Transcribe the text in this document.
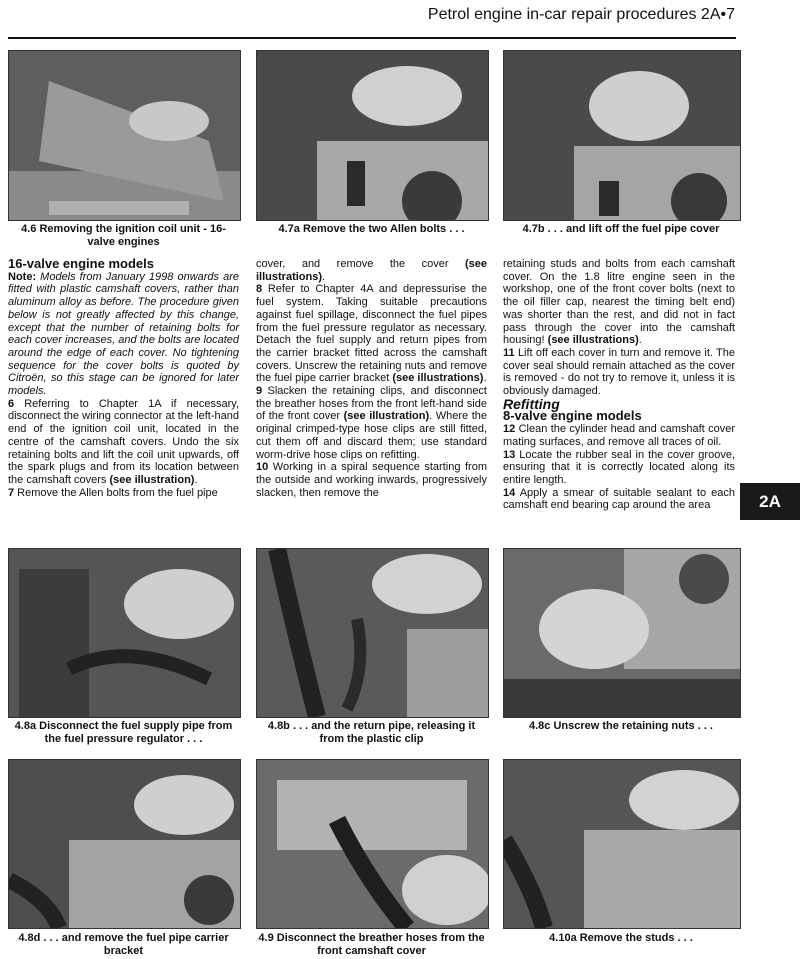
Petrol engine in-car repair procedures 2A•7
4.6 Removing the ignition coil unit - 16-valve engines
4.7a Remove the two Allen bolts . . .	4.7b . . . and lift off the fuel pipe cover

16-valve engine models

Note: Models from January 1998 onwards are fitted with plastic camshaft covers, rather than aluminum alloy as before. The procedure given below is not greatly affected by this change, except that the number of retaining bolts for each cover increases, and the bolts are located around the edge of each cover. No tightening sequence for the cover bolts is quoted by Citroën, so this stage can be ignored for later models.

6 Referring to Chapter 1A if necessary, disconnect the wiring connector at the left-hand end of the ignition coil unit, located in the centre of the camshaft covers. Undo the six retaining bolts and lift the coil unit upwards, off the spark plugs and from its location between the camshaft covers (see illustration).

7 Remove the Allen bolts from the fuel pipe

cover, and remove the cover (see illustrations).

8 Refer to Chapter 4A and depressurise the fuel system. Taking suitable precautions against fuel spillage, disconnect the fuel pipes from the fuel pressure regulator as necessary. Detach the fuel supply and return pipes from the carrier bracket fitted across the camshaft covers. Unscrew the retaining nuts and remove the fuel pipe carrier bracket (see illustrations).

9 Slacken the retaining clips, and disconnect the breather hoses from the front left-hand side of the front cover (see illustration). Where the original crimped-type hose clips are still fitted, cut them off and discard them; use standard worm-drive hose clips on refitting.

10 Working in a spiral sequence starting from the outside and working inwards, progressively slacken, then remove the

retaining studs and bolts from each camshaft cover. On the 1.8 litre engine seen in the workshop, one of the front cover bolts (next to the oil filler cap, nearest the timing belt end) was shorter than the rest, and did not in fact pass through the cover into the camshaft housing! (see illustrations).

11 Lift off each cover in turn and remove it. The cover seal should remain attached as the cover is removed - do not try to remove it, unless it is obviously damaged.

Refitting

8-valve engine models

12 Clean the cylinder head and camshaft cover mating surfaces, and remove all traces of oil.

13 Locate the rubber seal in the cover groove, ensuring that it is correctly located along its entire length.

14 Apply a smear of suitable sealant to each camshaft end bearing cap around the area	2A
4.8a Disconnect the fuel supply pipe from the fuel pressure regulator . . .
4.8b . . . and the return pipe, releasing it from the plastic clip
4.8c Unscrew the retaining nuts . . .
4.8d . . . and remove the fuel pipe carrier bracket
4.9 Disconnect the breather hoses from the front camshaft cover
4.10a Remove the studs . . .
